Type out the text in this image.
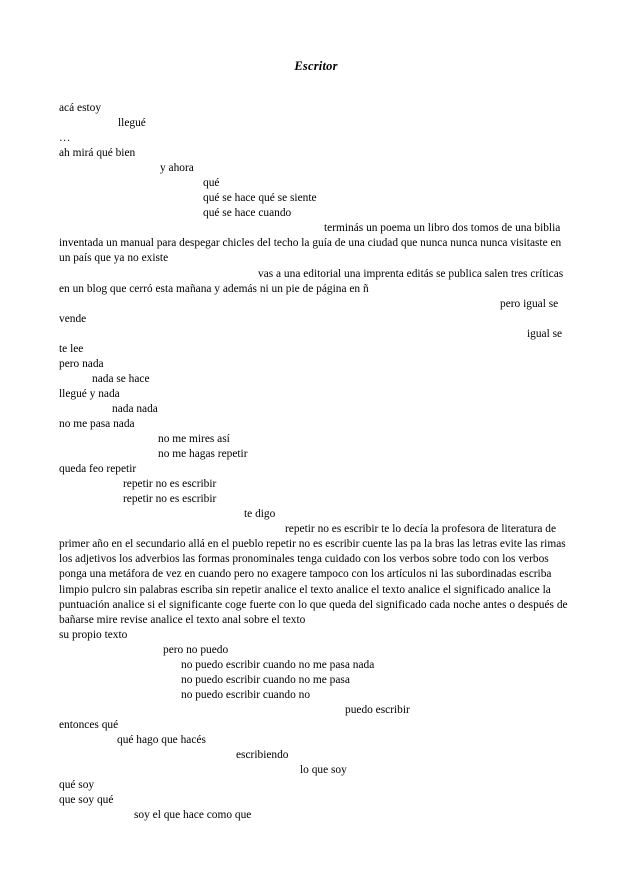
Escritor
acá estoy
llegué
…
ah mirá qué bien
y ahora
qué
qué se hace qué se siente
qué se hace cuando
terminás un poema un libro dos tomos de una biblia inventada un manual para despegar chicles del techo la guía de una ciudad que nunca nunca nunca visitaste en un país que ya no existe
vas a una editorial una imprenta editás se publica salen tres críticas en un blog que cerró esta mañana y además ni un pie de página en ñ
pero igual se
vende
igual se
te lee
pero nada
nada se hace
llegué y nada
nada nada
no me pasa nada
no me mires así
no me hagas repetir
queda feo repetir
repetir no es escribir
repetir no es escribir
te digo
repetir no es escribir te lo decía la profesora de literatura de primer año en el secundario allá en el pueblo repetir no es escribir cuente las pa la bras las letras evite las rimas los adjetivos los adverbios las formas pronominales tenga cuidado con los verbos sobre todo con los verbos ponga una metáfora de vez en cuando pero no exagere tampoco con los artículos ni las subordinadas escriba limpio pulcro sin palabras escriba sin repetir analice el texto analice el texto analice el significado analice la puntuación analice si el significante coge fuerte con lo que queda del significado cada noche antes o después de bañarse mire revise analice el texto anal sobre el texto
su propio texto
pero no puedo
no puedo escribir cuando no me pasa nada
no puedo escribir cuando no me pasa
no puedo escribir cuando no
puedo escribir
entonces qué
qué hago que hacés
escribiendo
lo que soy
qué soy
que soy qué
soy el que hace como que
